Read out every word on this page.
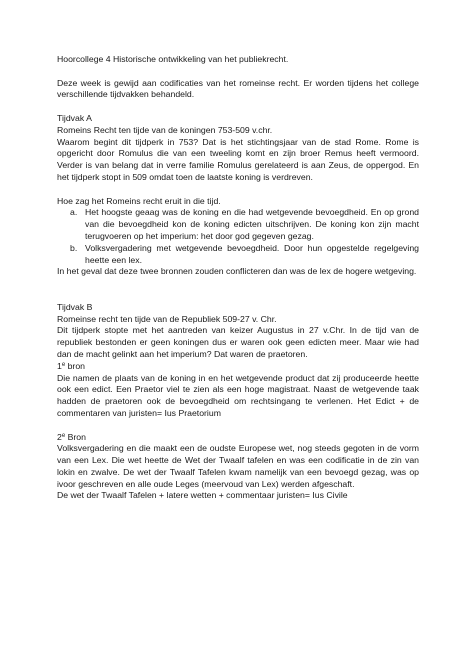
Hoorcollege 4 Historische ontwikkeling van het publiekrecht.

Deze week is gewijd aan codificaties van het romeinse recht. Er worden tijdens het college verschillende tijdvakken behandeld.

Tijdvak A

Romeins Recht ten tijde van de koningen 753-509 v.chr.

Waarom begint dit tijdperk in 753? Dat is het stichtingsjaar van de stad Rome. Rome is opgericht door Romulus die van een tweeling komt en zijn broer Remus heeft vermoord. Verder is van belang dat in verre familie Romulus gerelateerd is aan Zeus, de oppergod. En het tijdperk stopt in 509 omdat toen de laatste koning is verdreven.

Hoe zag het Romeins recht eruit in die tijd.

a. Het hoogste geaag was de koning en die had wetgevende bevoegdheid. En op grond van die bevoegdheid kon de koning edicten uitschrijven. De koning kon zijn macht terugvoeren op het imperium: het door god gegeven gezag.
b. Volksvergadering met wetgevende bevoegdheid. Door hun opgestelde regelgeving heette een lex.

In het geval dat deze twee bronnen zouden conflicteren dan was de lex de hogere wetgeving.

Tijdvak B

Romeinse recht ten tijde van de Republiek 509-27 v. Chr.

Dit tijdperk stopte met het aantreden van keizer Augustus in 27 v.Chr. In de tijd van de republiek bestonden er geen koningen dus er waren ook geen edicten meer. Maar wie had dan de macht gelinkt aan het imperium? Dat waren de praetoren.

1e bron

Die namen de plaats van de koning in en het wetgevende product dat zij produceerde heette ook een edict. Een Praetor viel te zien als een hoge magistraat. Naast de wetgevende taak hadden de praetoren ook de bevoegdheid om rechtsingang te verlenen. Het Edict + de commentaren van juristen= Ius Praetorium

2e Bron

Volksvergadering en die maakt een de oudste Europese wet, nog steeds gegoten in de vorm van een Lex. Die wet heette de Wet der Twaalf tafelen en was een codificatie in de zin van lokin en zwalve. De wet der Twaalf Tafelen kwam namelijk van een bevoegd gezag, was op ivoor geschreven en alle oude Leges (meervoud van Lex) werden afgeschaft.

De wet der Twaalf Tafelen + latere wetten + commentaar juristen= Ius Civile
